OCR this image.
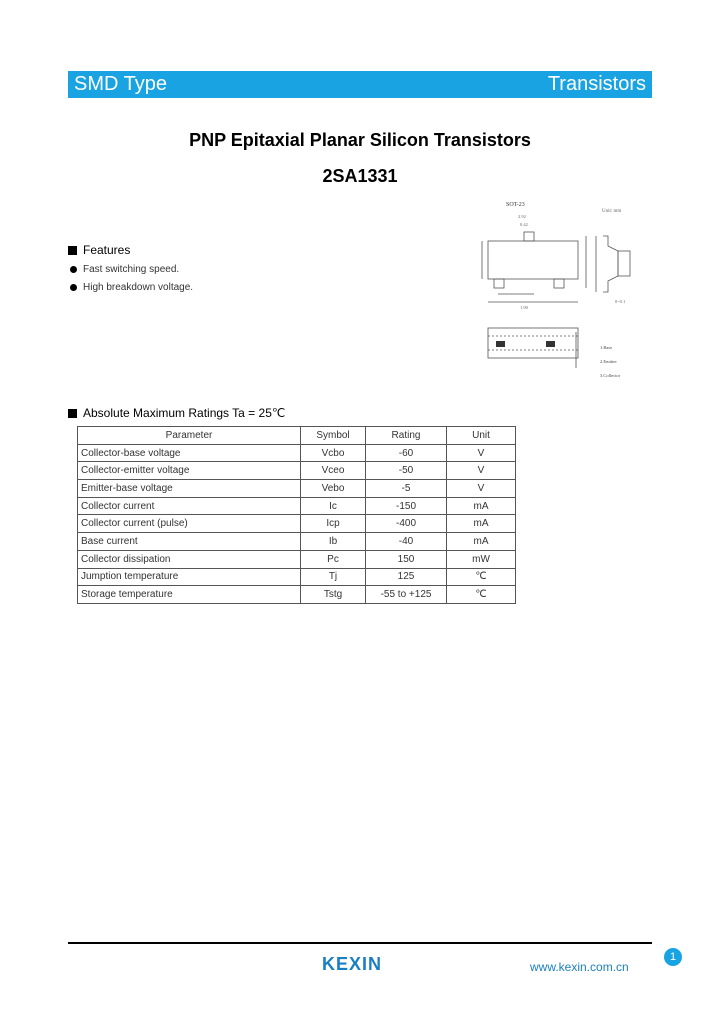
SMD Type	Transistors
PNP Epitaxial Planar Silicon Transistors
2SA1331
SOT-23
Unit: mm
2.92
0.42
1.90
0~0.1
1.Base
2.Emitter
3.Collector
Features
Fast switching speed.
High breakdown voltage.
Absolute Maximum Ratings Ta = 25℃
Parameter	Symbol	Rating	Unit
Collector-base voltage	Vcbo	-60	V
Collector-emitter voltage	Vceo	-50	V
Emitter-base voltage	Vebo	-5	V
Collector current	Ic	-150	mA
Collector current (pulse)	Icp	-400	mA
Base current	Ib	-40	mA
Collector dissipation	Pc	150	mW
Jumption temperature	Tj	125	℃
Storage temperature	Tstg	-55 to +125	℃
KEXIN	www.kexin.com.cn
1
